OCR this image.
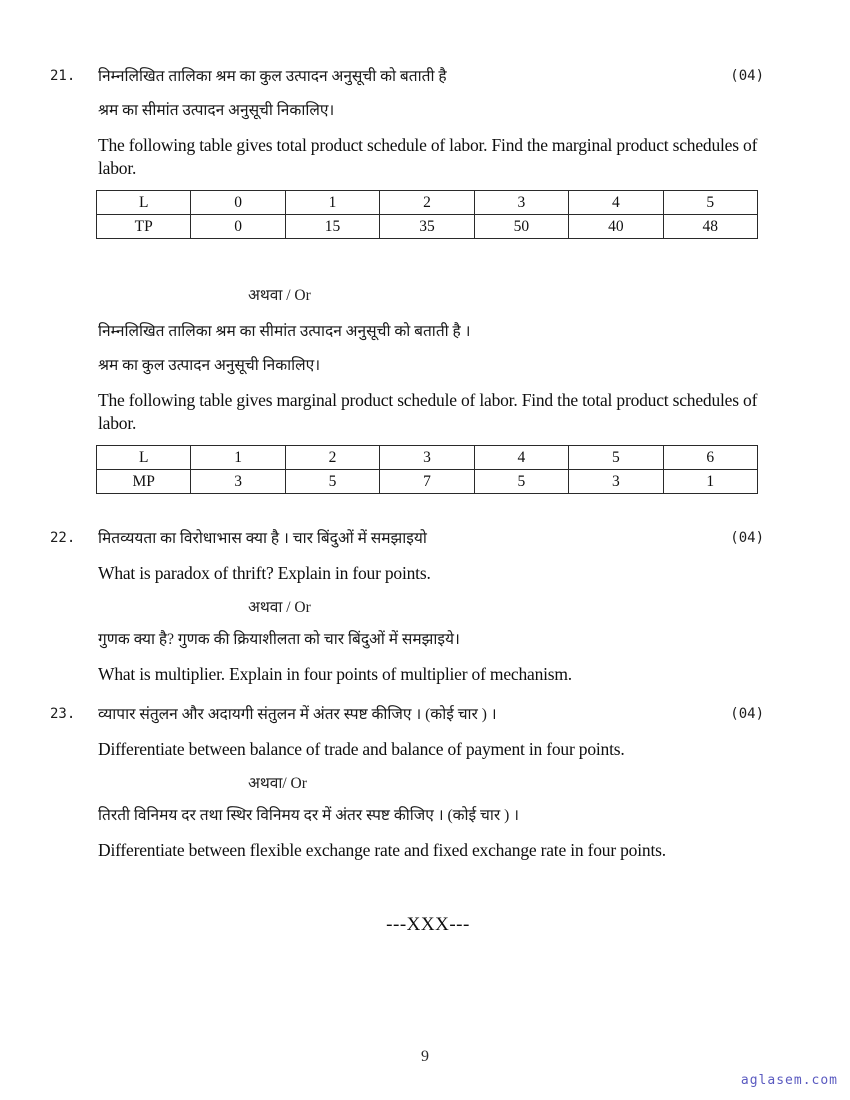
21. निम्नलिखित तालिका श्रम का कुल उत्पादन अनुसूची को बताती है	(04)
श्रम का सीमांत उत्पादन अनुसूची निकालिए।
The following table gives total product schedule of labor. Find the marginal product schedules of labor.
L	0	1	2	3	4	5
TP	0	15	35	50	40	48
अथवा / Or
निम्नलिखित तालिका श्रम का सीमांत उत्पादन अनुसूची को बताती है ।
श्रम का कुल उत्पादन अनुसूची निकालिए।
The following table gives marginal product schedule of labor. Find the total product schedules of labor.
L	1	2	3	4	5	6
MP	3	5	7	5	3	1
22. मितव्ययता का विरोधाभास क्या है । चार बिंदुओं में समझाइयो	(04)
What is paradox of thrift? Explain in four points.
अथवा / Or
गुणक क्या है? गुणक की क्रियाशीलता को चार बिंदुओं में समझाइये।
What is multiplier. Explain in four points of multiplier of mechanism.
23. व्यापार संतुलन और अदायगी संतुलन में अंतर स्पष्ट कीजिए । (कोई चार ) ।	(04)
Differentiate between balance of trade and balance of payment in four points.
अथवा/ Or
तिरती विनिमय दर तथा स्थिर विनिमय दर में अंतर स्पष्ट कीजिए । (कोई चार ) ।
Differentiate between flexible exchange rate and fixed exchange rate in four points.
---XXX---
9
aglasem.com
